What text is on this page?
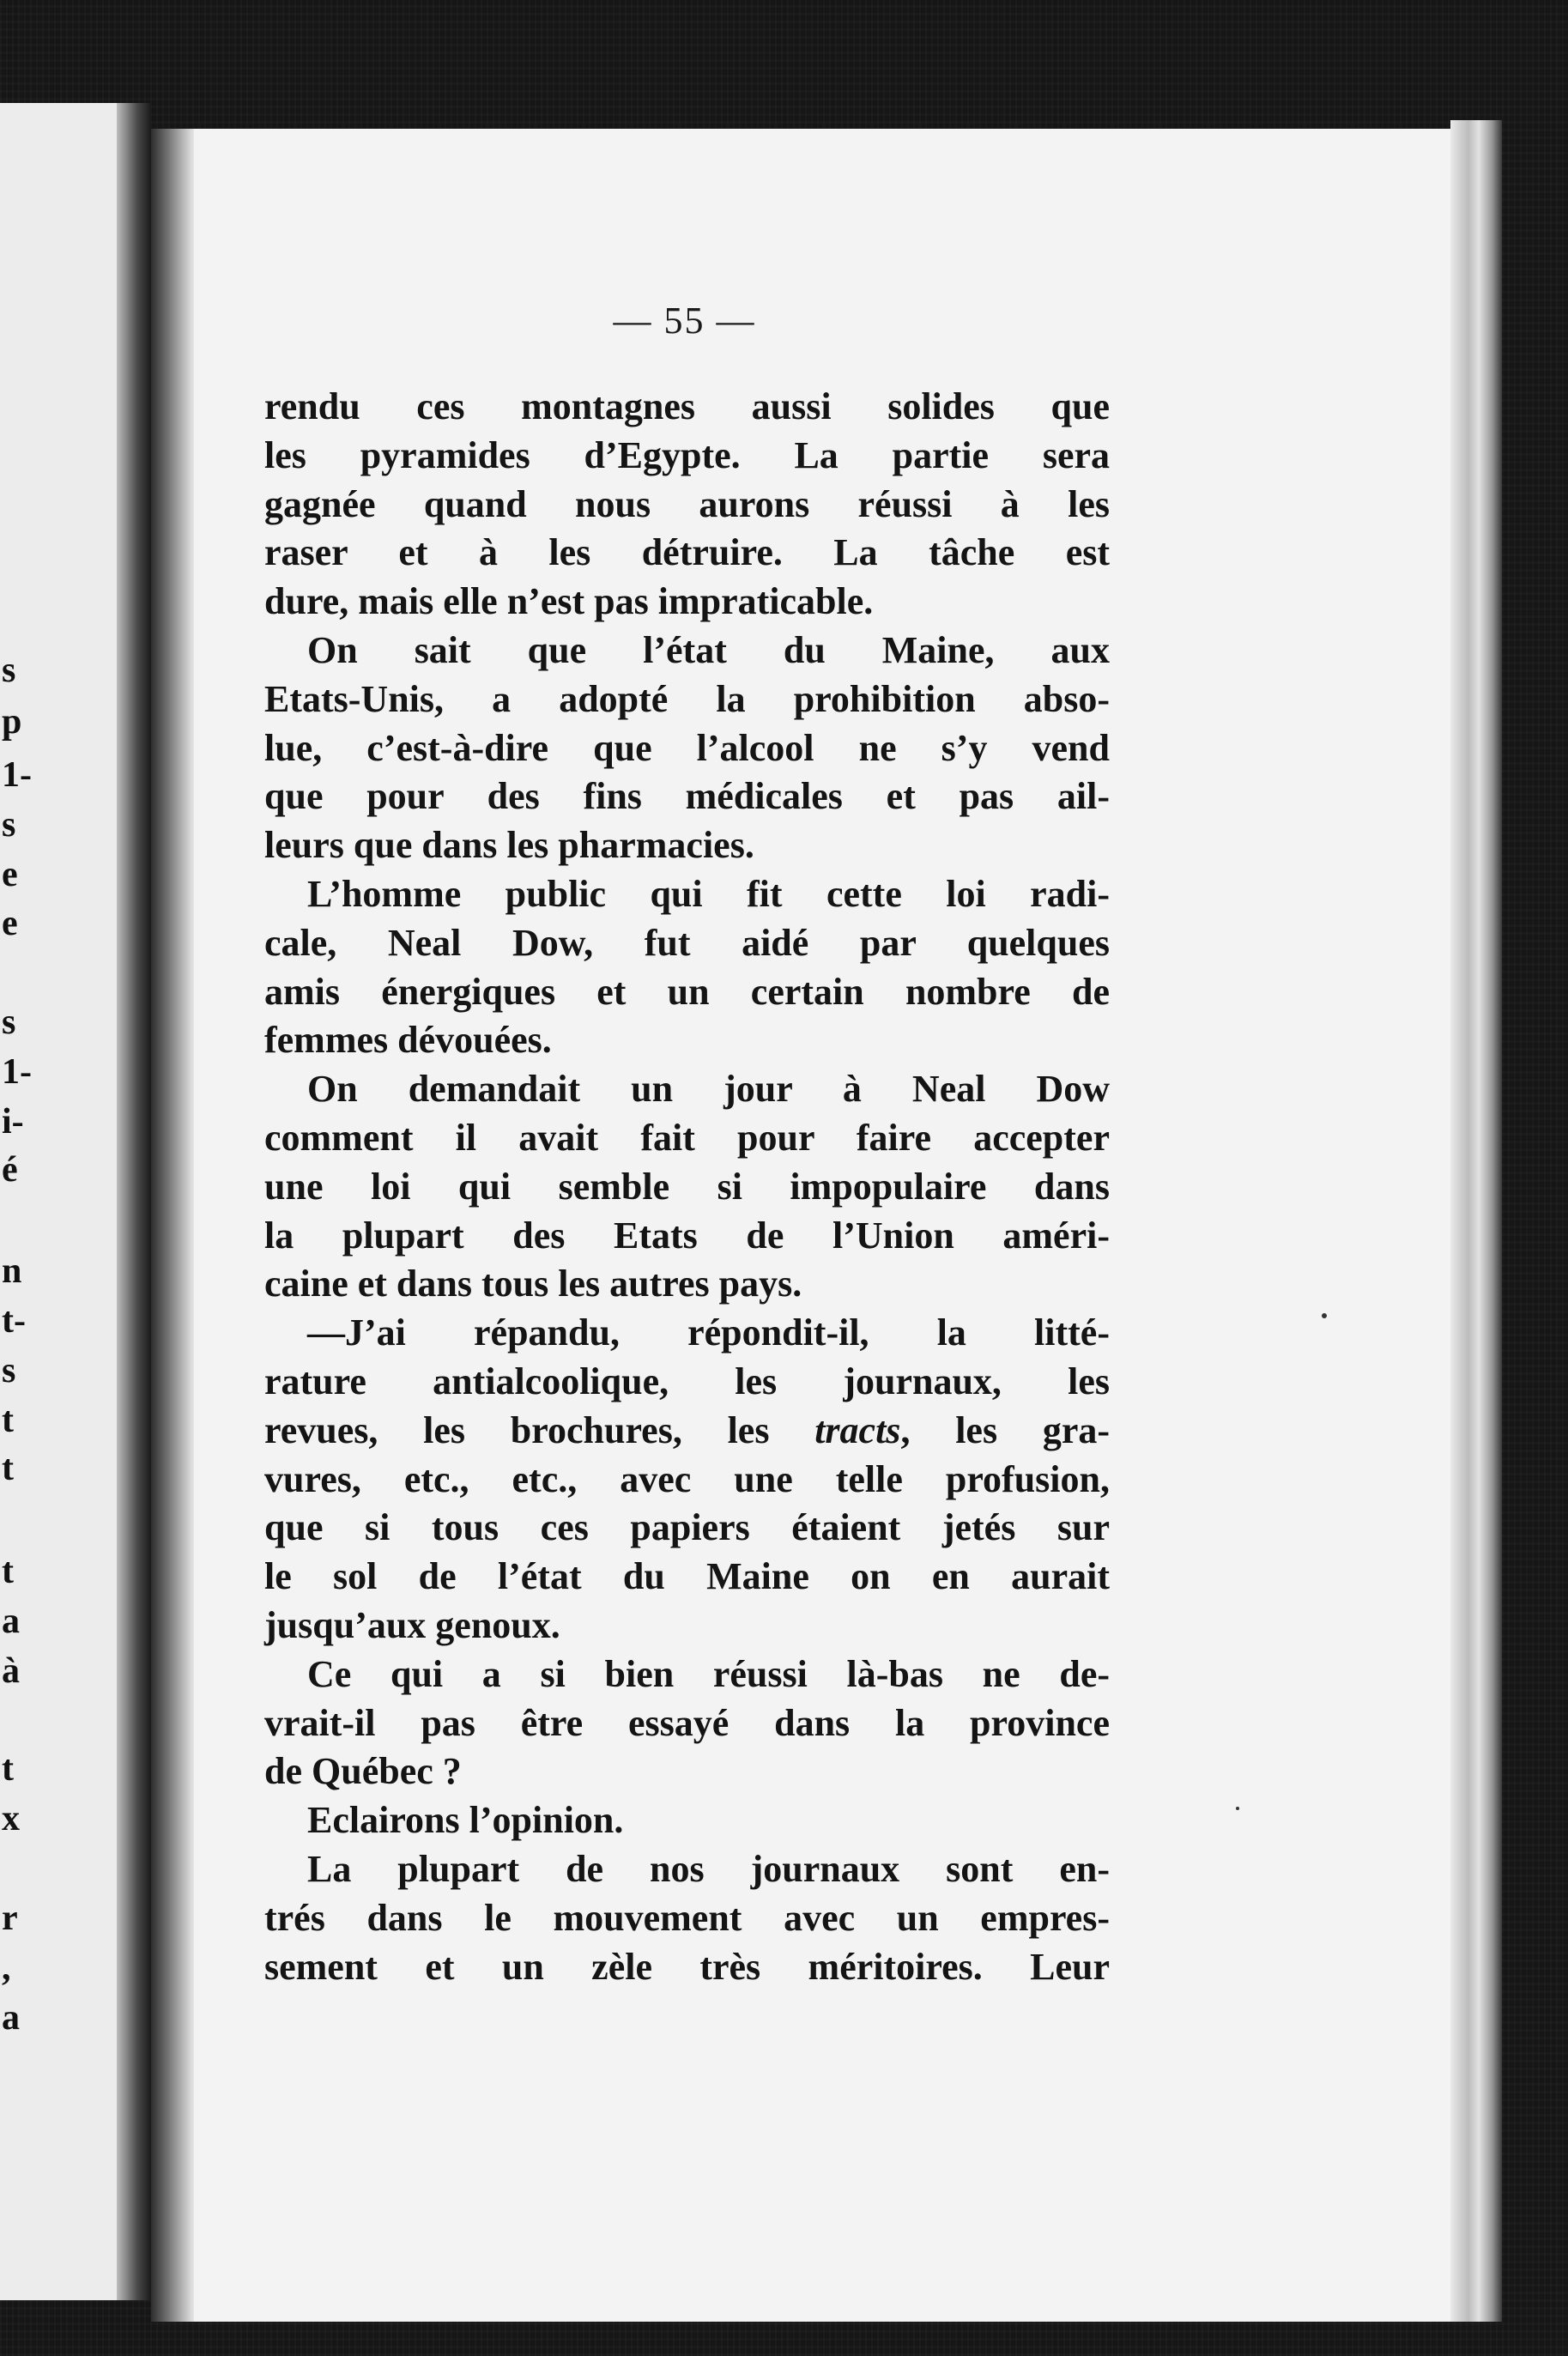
s
p
1-
s
e
e
s
1-
i-
é
n
t-
s
t
t
t
a
à
t
x
r
,
a
— 55 —
rendu ces montagnes aussi solides que
les pyramides d’Egypte. La partie sera
gagnée quand nous aurons réussi à les
raser et à les détruire. La tâche est
dure, mais elle n’est pas impraticable.
On sait que l’état du Maine, aux
Etats-Unis, a adopté la prohibition abso-
lue, c’est-à-dire que l’alcool ne s’y vend
que pour des fins médicales et pas ail-
leurs que dans les pharmacies.
L’homme public qui fit cette loi radi-
cale, Neal Dow, fut aidé par quelques
amis énergiques et un certain nombre de
femmes dévouées.
On demandait un jour à Neal Dow
comment il avait fait pour faire accepter
une loi qui semble si impopulaire dans
la plupart des Etats de l’Union améri-
caine et dans tous les autres pays.
—J’ai répandu, répondit-il, la litté-
rature antialcoolique, les journaux, les
revues, les brochures, les tracts, les gra-
vures, etc., etc., avec une telle profusion,
que si tous ces papiers étaient jetés sur
le sol de l’état du Maine on en aurait
jusqu’aux genoux.
Ce qui a si bien réussi là-bas ne de-
vrait-il pas être essayé dans la province
de Québec ?
Eclairons l’opinion.
La plupart de nos journaux sont en-
trés dans le mouvement avec un empres-
sement et un zèle très méritoires. Leur
